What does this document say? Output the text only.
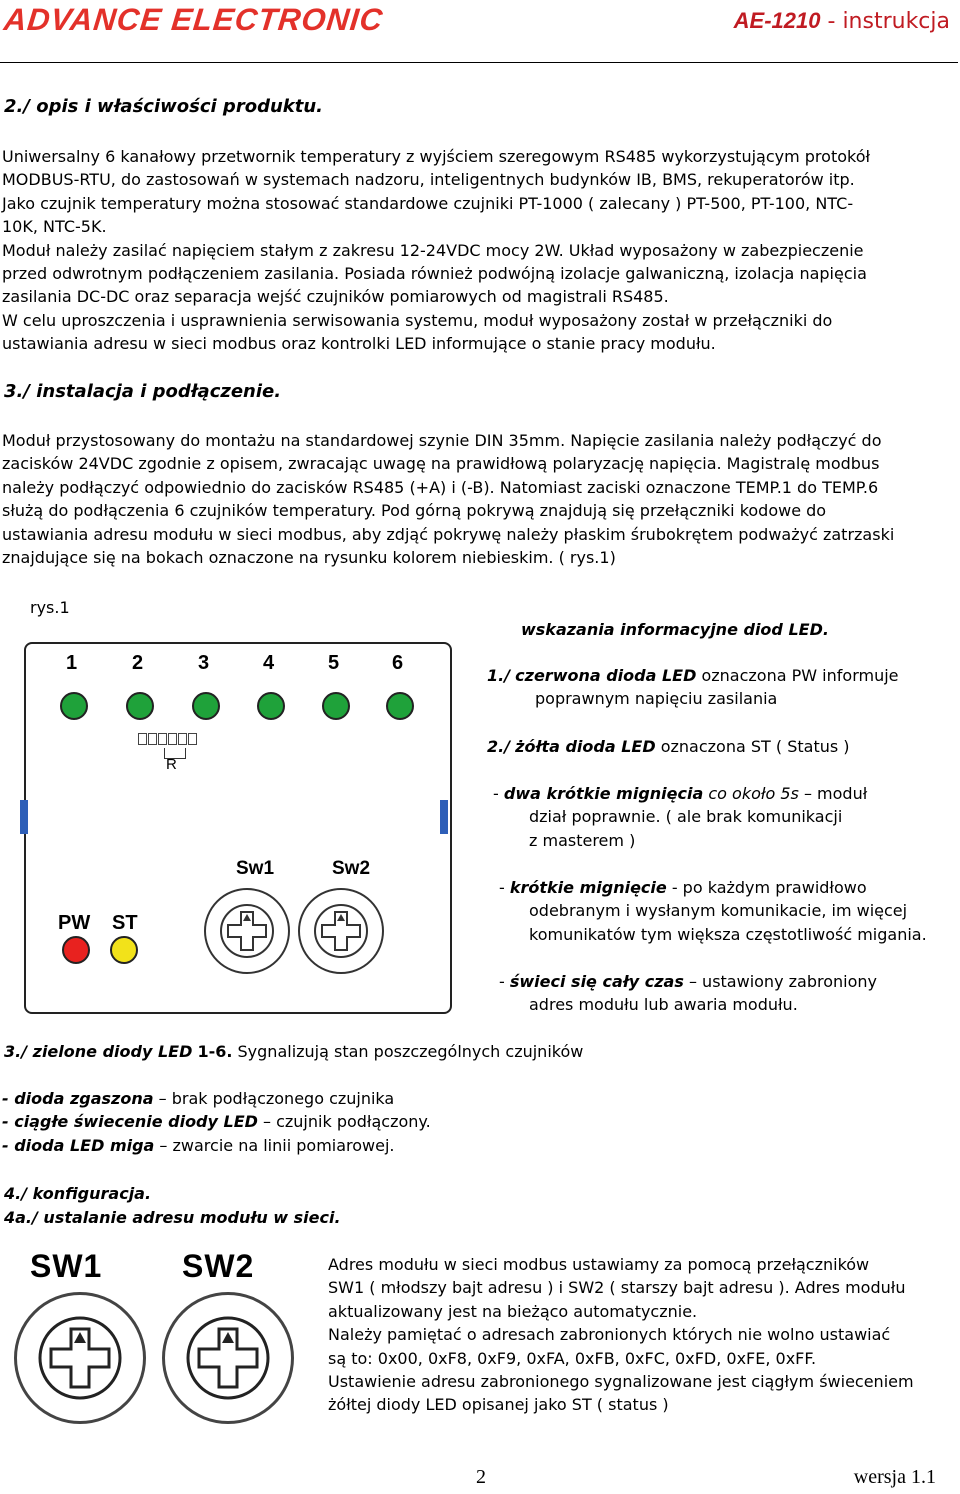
ADVANCE ELECTRONIC	AE-1210 - instrukcja
2./ opis i właściwości produktu.
Uniwersalny 6 kanałowy przetwornik temperatury z wyjściem szeregowym RS485 wykorzystującym protokół
MODBUS-RTU, do zastosowań w systemach nadzoru, inteligentnych budynków IB, BMS, rekuperatorów itp.
Jako czujnik temperatury można stosować standardowe czujniki PT-1000 ( zalecany ) PT-500, PT-100, NTC-
10K, NTC-5K.
Moduł należy zasilać napięciem stałym z zakresu 12-24VDC mocy 2W. Układ wyposażony w zabezpieczenie
przed odwrotnym podłączeniem zasilania. Posiada również podwójną izolacje galwaniczną, izolacja napięcia
zasilania DC-DC oraz separacja wejść czujników pomiarowych od magistrali RS485.
W celu uproszczenia i usprawnienia serwisowania systemu, moduł wyposażony został w przełączniki do
ustawiania adresu w sieci modbus oraz kontrolki LED informujące o stanie pracy modułu.
3./ instalacja i podłączenie.
Moduł przystosowany do montażu na standardowej szynie DIN 35mm. Napięcie zasilania należy podłączyć do
zacisków 24VDC zgodnie z opisem, zwracając uwagę na prawidłową polaryzację napięcia. Magistralę modbus
należy podłączyć odpowiednio do zacisków RS485 (+A) i (-B). Natomiast zaciski oznaczone TEMP.1 do TEMP.6
służą do podłączenia 6 czujników temperatury. Pod górną pokrywą znajdują się przełączniki kodowe do
ustawiania adresu modułu w sieci modbus, aby zdjąć pokrywę należy płaskim śrubokrętem podważyć zatrzaski
znajdujące się na bokach oznaczone na rysunku kolorem niebieskim. ( rys.1)
rys.1
1	2	3	4	5	6
R
Sw1	Sw2
PW ST
wskazania informacyjne diod LED.
1./ czerwona dioda LED oznaczona PW informuje
poprawnym napięciu zasilania
2./ żółta dioda LED oznaczona ST ( Status )
- dwa krótkie mignięcia co około 5s – moduł
dział poprawnie. ( ale brak komunikacji
z masterem )
- krótkie mignięcie - po każdym prawidłowo
odebranym i wysłanym komunikacie, im więcej
komunikatów tym większa częstotliwość migania.
- świeci się cały czas – ustawiony zabroniony
adres modułu lub awaria modułu.
3./ zielone diody LED 1-6. Sygnalizują stan poszczególnych czujników
- dioda zgaszona – brak podłączonego czujnika
- ciągłe świecenie diody LED – czujnik podłączony.
- dioda LED miga – zwarcie na linii pomiarowej.
4./ konfiguracja.
4a./ ustalanie adresu modułu w sieci.
SW1 SW2	Adres modułu w sieci modbus ustawiamy za pomocą przełączników
SW1 ( młodszy bajt adresu ) i SW2 ( starszy bajt adresu ). Adres modułu
aktualizowany jest na bieżąco automatycznie.
Należy pamiętać o adresach zabronionych których nie wolno ustawiać
są to: 0x00, 0xF8, 0xF9, 0xFA, 0xFB, 0xFC, 0xFD, 0xFE, 0xFF.
Ustawienie adresu zabronionego sygnalizowane jest ciągłym świeceniem
żółtej diody LED opisanej jako ST ( status )
2	wersja 1.1
